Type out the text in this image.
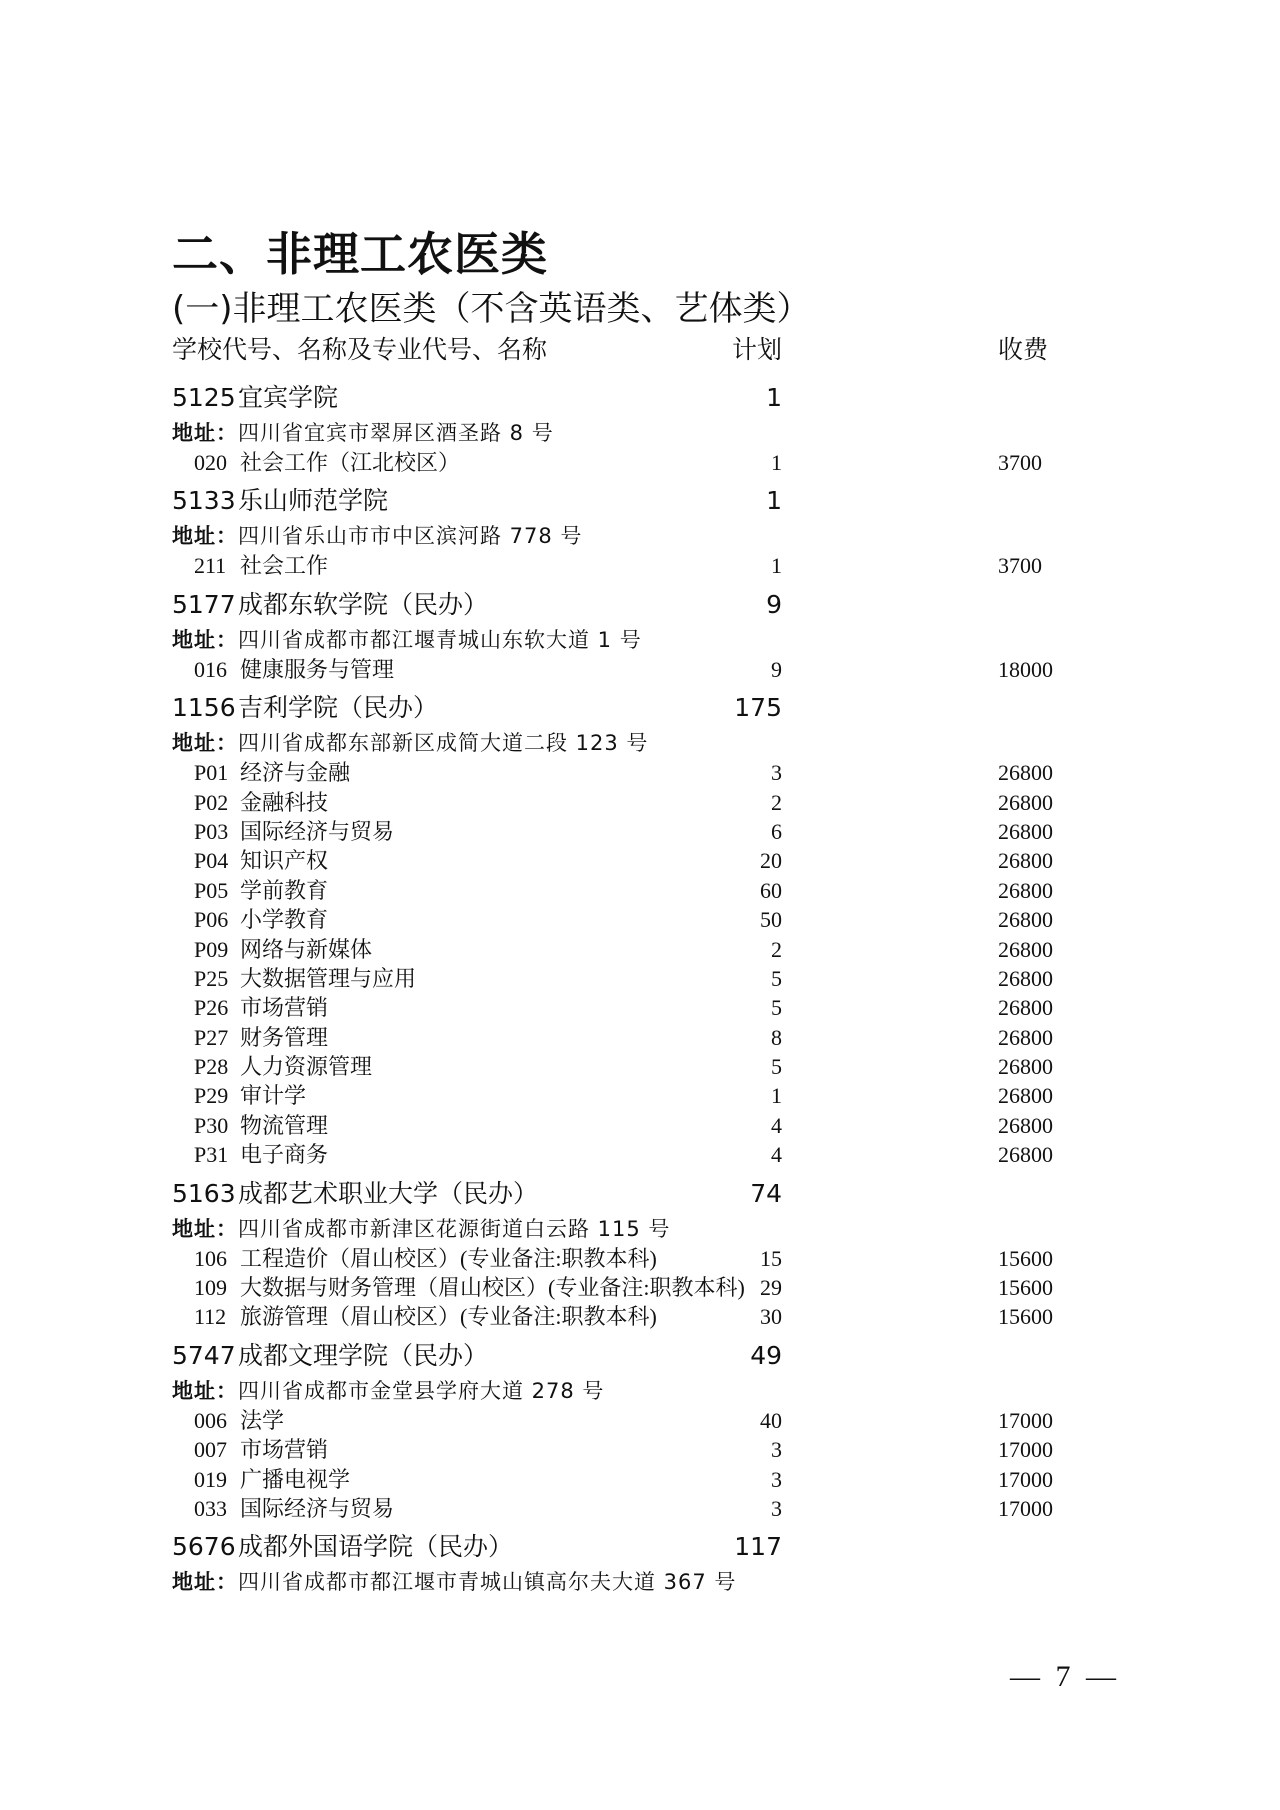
二、非理工农医类
(一)非理工农医类（不含英语类、艺体类）
学校代号、名称及专业代号、名称	计划	收费
5125 宜宾学院	1
地址：四川省宜宾市翠屏区酒圣路 8 号
020 社会工作（江北校区）	1	3700
5133 乐山师范学院	1
地址：四川省乐山市市中区滨河路 778 号
211 社会工作	1	3700
5177 成都东软学院（民办）	9
地址：四川省成都市都江堰青城山东软大道 1 号
016 健康服务与管理	9	18000
1156 吉利学院（民办）	175
地址：四川省成都东部新区成简大道二段 123 号
P01 经济与金融	3	26800
P02 金融科技	2	26800
P03 国际经济与贸易	6	26800
P04 知识产权	20	26800
P05 学前教育	60	26800
P06 小学教育	50	26800
P09 网络与新媒体	2	26800
P25 大数据管理与应用	5	26800
P26 市场营销	5	26800
P27 财务管理	8	26800
P28 人力资源管理	5	26800
P29 审计学	1	26800
P30 物流管理	4	26800
P31 电子商务	4	26800
5163 成都艺术职业大学（民办）	74
地址：四川省成都市新津区花源街道白云路 115 号
106 工程造价（眉山校区）(专业备注:职教本科)	15	15600
109 大数据与财务管理（眉山校区）(专业备注:职教本科) 29	15600
112 旅游管理（眉山校区）(专业备注:职教本科)	30	15600
5747 成都文理学院（民办）	49
地址：四川省成都市金堂县学府大道 278 号
006 法学	40	17000
007 市场营销	3	17000
019 广播电视学	3	17000
033 国际经济与贸易	3	17000
5676 成都外国语学院（民办）	117
地址：四川省成都市都江堰市青城山镇高尔夫大道 367 号
— 7 —
